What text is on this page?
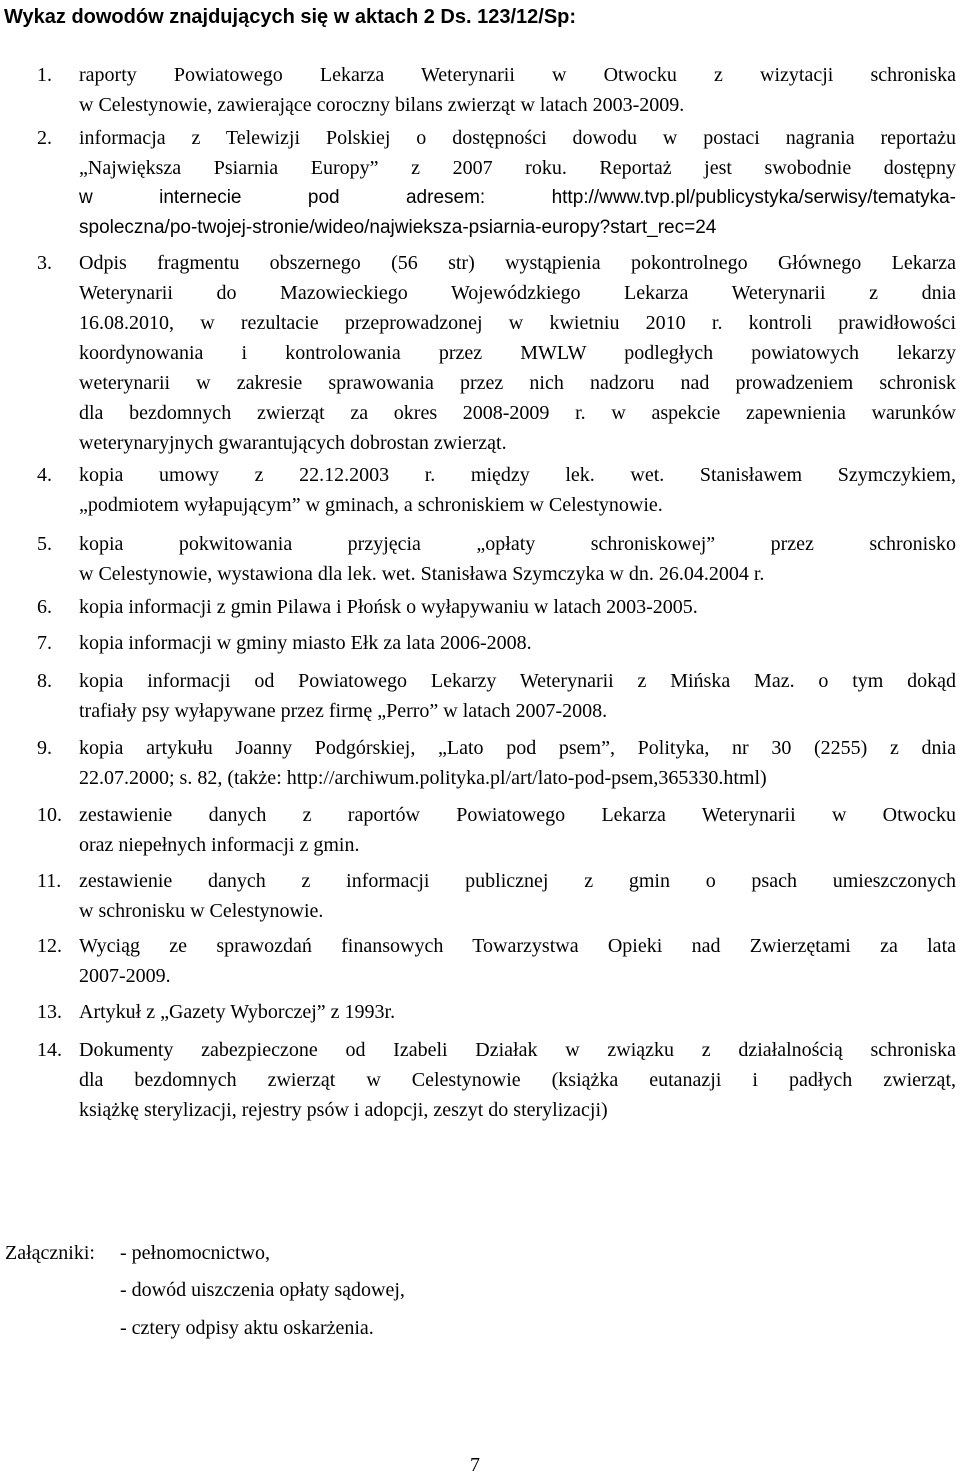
Wykaz dowodów znajdujących się w aktach 2 Ds. 123/12/Sp:
1. raporty Powiatowego Lekarza Weterynarii w Otwocku z wizytacji schroniska
w Celestynowie, zawierające coroczny bilans zwierząt w latach 2003-2009.
2. informacja z Telewizji Polskiej o dostępności dowodu w postaci nagrania reportażu
„Największa Psiarnia Europy” z 2007 roku. Reportaż jest swobodnie dostępny
w internecie pod adresem: http://www.tvp.pl/publicystyka/serwisy/tematyka-
spoleczna/po-twojej-stronie/wideo/najwieksza-psiarnia-europy?start_rec=24
3. Odpis fragmentu obszernego (56 str) wystąpienia pokontrolnego Głównego Lekarza
Weterynarii do Mazowieckiego Wojewódzkiego Lekarza Weterynarii z dnia
16.08.2010, w rezultacie przeprowadzonej w kwietniu 2010 r. kontroli prawidłowości
koordynowania i kontrolowania przez MWLW podległych powiatowych lekarzy
weterynarii w zakresie sprawowania przez nich nadzoru nad prowadzeniem schronisk
dla bezdomnych zwierząt za okres 2008-2009 r. w aspekcie zapewnienia warunków
weterynaryjnych gwarantujących dobrostan zwierząt.
4. kopia umowy z 22.12.2003 r. między lek. wet. Stanisławem Szymczykiem,
„podmiotem wyłapującym” w gminach, a schroniskiem w Celestynowie.
5. kopia pokwitowania przyjęcia „opłaty schroniskowej” przez schronisko
w Celestynowie, wystawiona dla lek. wet. Stanisława Szymczyka w dn. 26.04.2004 r.
6. kopia informacji z gmin Pilawa i Płońsk o wyłapywaniu w latach 2003-2005.
7. kopia informacji w gminy miasto Ełk za lata 2006-2008.
8. kopia informacji od Powiatowego Lekarzy Weterynarii z Mińska Maz. o tym dokąd
trafiały psy wyłapywane przez firmę „Perro” w latach 2007-2008.
9. kopia artykułu Joanny Podgórskiej, „Lato pod psem”, Polityka, nr 30 (2255) z dnia
22.07.2000; s. 82, (także: http://archiwum.polityka.pl/art/lato-pod-psem,365330.html)
10. zestawienie danych z raportów Powiatowego Lekarza Weterynarii w Otwocku
oraz niepełnych informacji z gmin.
11. zestawienie danych z informacji publicznej z gmin o psach umieszczonych
w schronisku w Celestynowie.
12. Wyciąg ze sprawozdań finansowych Towarzystwa Opieki nad Zwierzętami za lata
2007-2009.
13. Artykuł z „Gazety Wyborczej” z 1993r.
14. Dokumenty zabezpieczone od Izabeli Działak w związku z działalnością schroniska
dla bezdomnych zwierząt w Celestynowie (książka eutanazji i padłych zwierząt,
książkę sterylizacji, rejestry psów i adopcji, zeszyt do sterylizacji)
Załączniki: - pełnomocnictwo,
- dowód uiszczenia opłaty sądowej,
- cztery odpisy aktu oskarżenia.
7
